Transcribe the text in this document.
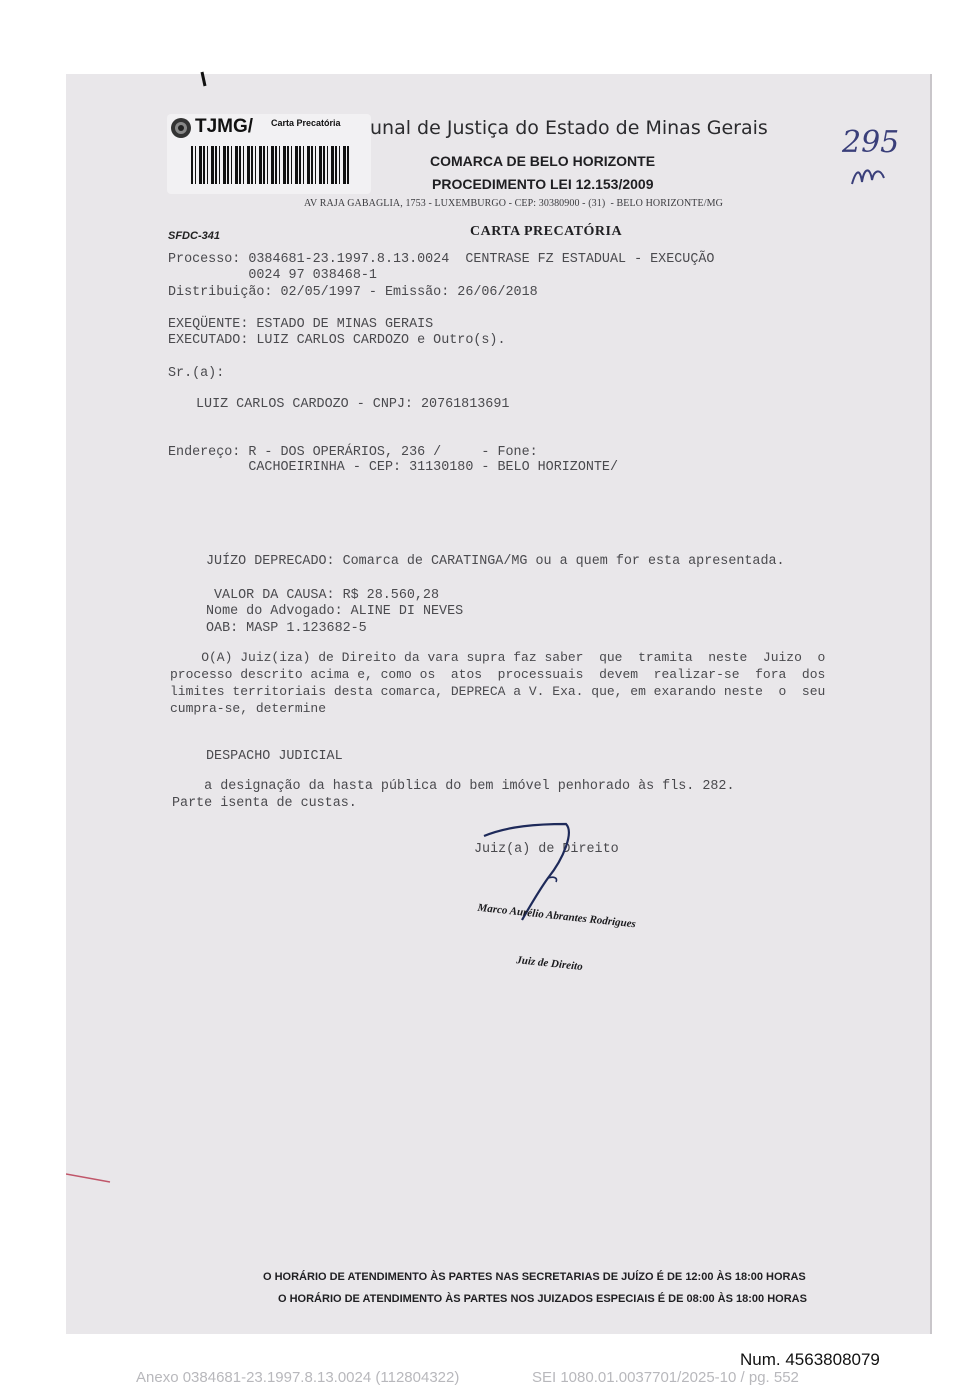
TJMG/ Carta Precatória unal de Justiça do Estado de Minas Gerais
COMARCA DE BELO HORIZONTE
PROCEDIMENTO LEI 12.153/2009
AV RAJA GABAGLIA, 1753 - LUXEMBURGO - CEP: 30380900 - (31)  - BELO HORIZONTE/MG
295
SFDC-341	CARTA PRECATÓRIA
Processo: 0384681-23.1997.8.13.0024  CENTRASE FZ ESTADUAL - EXECUÇÃO
0024 97 038468-1
Distribuição: 02/05/1997 - Emissão: 26/06/2018
EXEQÜENTE: ESTADO DE MINAS GERAIS
EXECUTADO: LUIZ CARLOS CARDOZO e Outro(s).
Sr.(a):
LUIZ CARLOS CARDOZO - CNPJ: 20761813691
Endereço: R - DOS OPERÁRIOS, 236 /     - Fone:
CACHOEIRINHA - CEP: 31130180 - BELO HORIZONTE/
JUÍZO DEPRECADO: Comarca de CARATINGA/MG ou a quem for esta apresentada.
VALOR DA CAUSA: R$ 28.560,28
Nome do Advogado: ALINE DI NEVES
OAB: MASP 1.123682-5
O(A) Juiz(iza) de Direito da vara supra faz saber  que  tramita  neste  Juizo  o
processo descrito acima e, como os  atos  processuais  devem  realizar-se  fora  dos
limites territoriais desta comarca, DEPRECA a V. Exa. que, em exarando neste  o  seu
cumpra-se, determine
DESPACHO JUDICIAL
a designação da hasta pública do bem imóvel penhorado às fls. 282.
Parte isenta de custas.
Juiz(a) de Direito

Marco Aurélio Abrantes Rodrigues

Juiz de Direito

O HORÁRIO DE ATENDIMENTO ÀS PARTES NAS SECRETARIAS DE JUÍZO É DE 12:00 ÀS 18:00 HORAS
O HORÁRIO DE ATENDIMENTO ÀS PARTES NOS JUIZADOS ESPECIAIS É DE 08:00 ÀS 18:00 HORAS
Num. 4563808079
Anexo 0384681-23.1997.8.13.0024 (112804322)	SEI 1080.01.0037701/2025-10 / pg. 552
